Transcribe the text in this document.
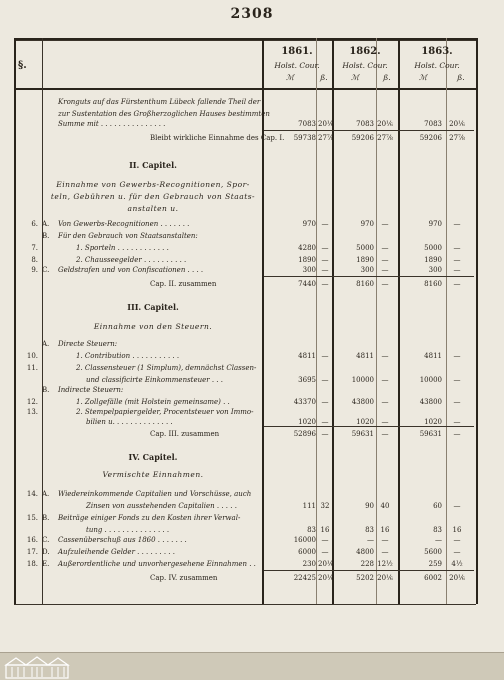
2308
§.
1861.	1862.	1863.
Holst. Cour.	Holst. Cour.	Holst. Cour.
ℳ	ß.	ℳ	ß.	ℳ	ß.
II. Capitel.
Einnahme von Gewerbs-Recognitionen, Spor-
teln, Gebühren u. für den Gebrauch von Staats-
anstalten u.
III. Capitel.
Einnahme von den Steuern.
IV. Capitel.
Vermischte Einnahmen.
Kronguts auf das Fürstenthum Lübeck fallende Theil der
zur Sustentation des Großherzoglichen Hauses bestimmten
Summe mit . . . . . . . . . . . . . . .	7083 20⅙	7083 20⅙	7083 20⅙
Bleibt wirkliche Einnahme des Cap. I.	59738 27⅞	59206 27⅞	59206 27⅞
6. A.	Von Gewerbs-Recognitionen . . . . . . .	970 —	970	—	970	—
B.	Für den Gebrauch von Staatsanstalten:
7.	1. Sporteln . . . . . . . . . . . .	4280 —	5000	—	5000	—
8.	2. Chausseegelder . . . . . . . . . .	1890 —	1890	—	1890	—
9. C.	Geldstrafen und von Confiscationen . . . .	300 —	300	—	300	—
Cap. II. zusammen	7440 —	8160	—	8160	—
A.	Directe Steuern:
10.	1. Contribution . . . . . . . . . . .	4811 —	4811	—	4811	—
11.	2. Classensteuer (1 Simplum), demnächst Classen-
und classificirte Einkommensteuer . . .	3695 —	10000	—	10000	—
B.	Indirecte Steuern:
12.	1. Zollgefälle (mit Holstein gemeinsame) . .	43370 —	43800	—	43800	—
13.	2. Stempelpapiergelder, Procentsteuer von Immo-
bilien u. . . . . . . . . . . . . .	1020 —	1020	—	1020	—
Cap. III. zusammen	52896 —	59631	—	59631	—
14. A.	Wiedereinkommende Capitalien und Vorschüsse, auch
Zinsen von ausstehenden Capitalien . . . . .	111 32	90 40	60	—
15. B.	Beiträge einiger Fonds zu den Kosten ihrer Verwal-
tung . . . . . . . . . . . . . . .	83 16	83 16	83	16
16. C.	Cassenüberschuß aus 1860 . . . . . . .	16000 —	—	—	—	—
17. D.	Aufzuleihende Gelder . . . . . . . . .	6000 —	4800	—	5600	—
18. E.	Außerordentliche und unvorhergesehene Einnahmen . .	230 20⅙	228 12½	259	4½
Cap. IV. zusammen	22425 20⅙	5202 20⅙	6002 20⅙
